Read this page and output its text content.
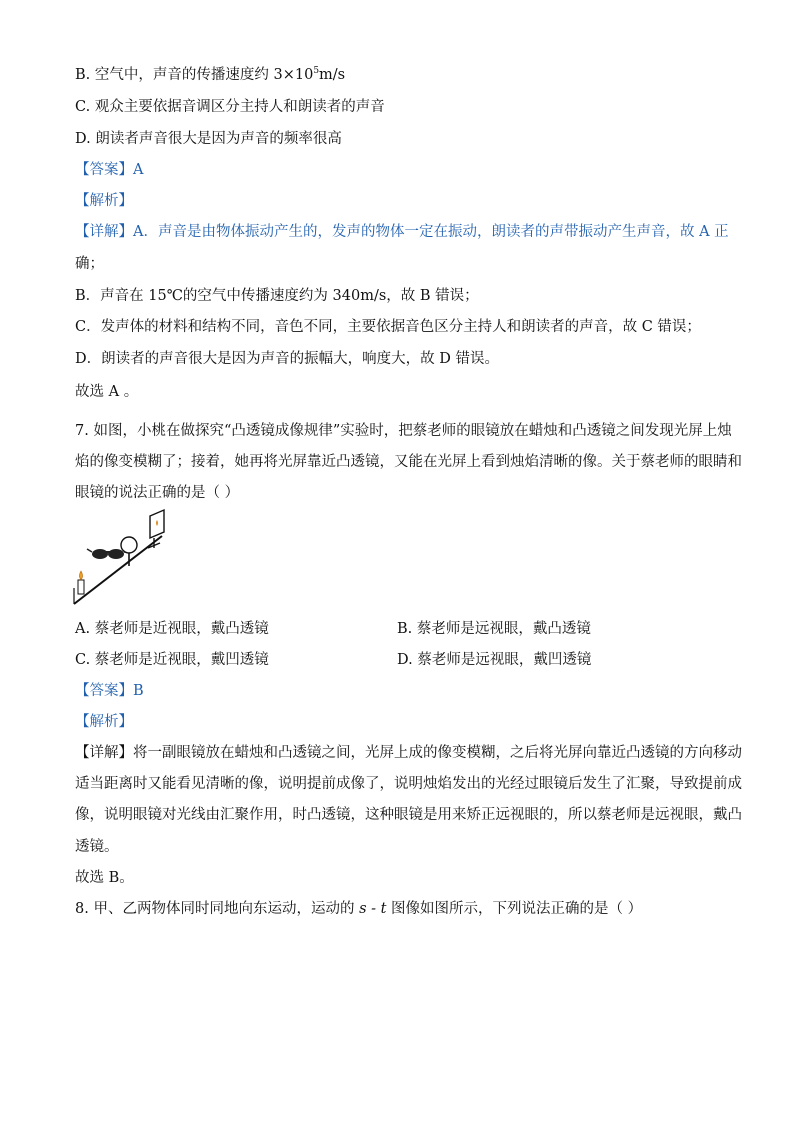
B. 空气中，声音的传播速度约 $3\times 10^5m/s$
C. 观众主要依据音调区分主持人和朗读者的声音
D. 朗读者声音很大是因为声音的频率很高
【答案】A
【解析】
【详解】A．声音是由物体振动产生的，发声的物体一定在振动，朗读者的声带振动产生声音，故 A 正
确；
B．声音在 15℃的空气中传播速度约为 340m/s，故 B 错误；
C．发声体的材料和结构不同，音色不同，主要依据音色区分主持人和朗读者的声音，故 C 错误；
D．朗读者的声音很大是因为声音的振幅大，响度大，故 D 错误。
故选 A 。
7. 如图，小桃在做探究“凸透镜成像规律”实验时，把蔡老师的眼镜放在蜡烛和凸透镜之间发现光屏上烛
焰的像变模糊了；接着，她再将光屏靠近凸透镜，又能在光屏上看到烛焰清晰的像。关于蔡老师的眼睛和
眼镜的说法正确的是（ ）
A. 蔡老师是近视眼，戴凸透镜	B. 蔡老师是远视眼，戴凸透镜
C. 蔡老师是近视眼，戴凹透镜	D. 蔡老师是远视眼，戴凹透镜
【答案】B
【解析】
【详解】将一副眼镜放在蜡烛和凸透镜之间，光屏上成的像变模糊，之后将光屏向靠近凸透镜的方向移动
适当距离时又能看见清晰的像，说明提前成像了，说明烛焰发出的光经过眼镜后发生了汇聚，导致提前成
像，说明眼镜对光线由汇聚作用，时凸透镜，这种眼镜是用来矫正远视眼的，所以蔡老师是远视眼，戴凸
透镜。
故选 B。
8. 甲、乙两物体同时同地向东运动，运动的 s - t 图像如图所示，下列说法正确的是（ ）
